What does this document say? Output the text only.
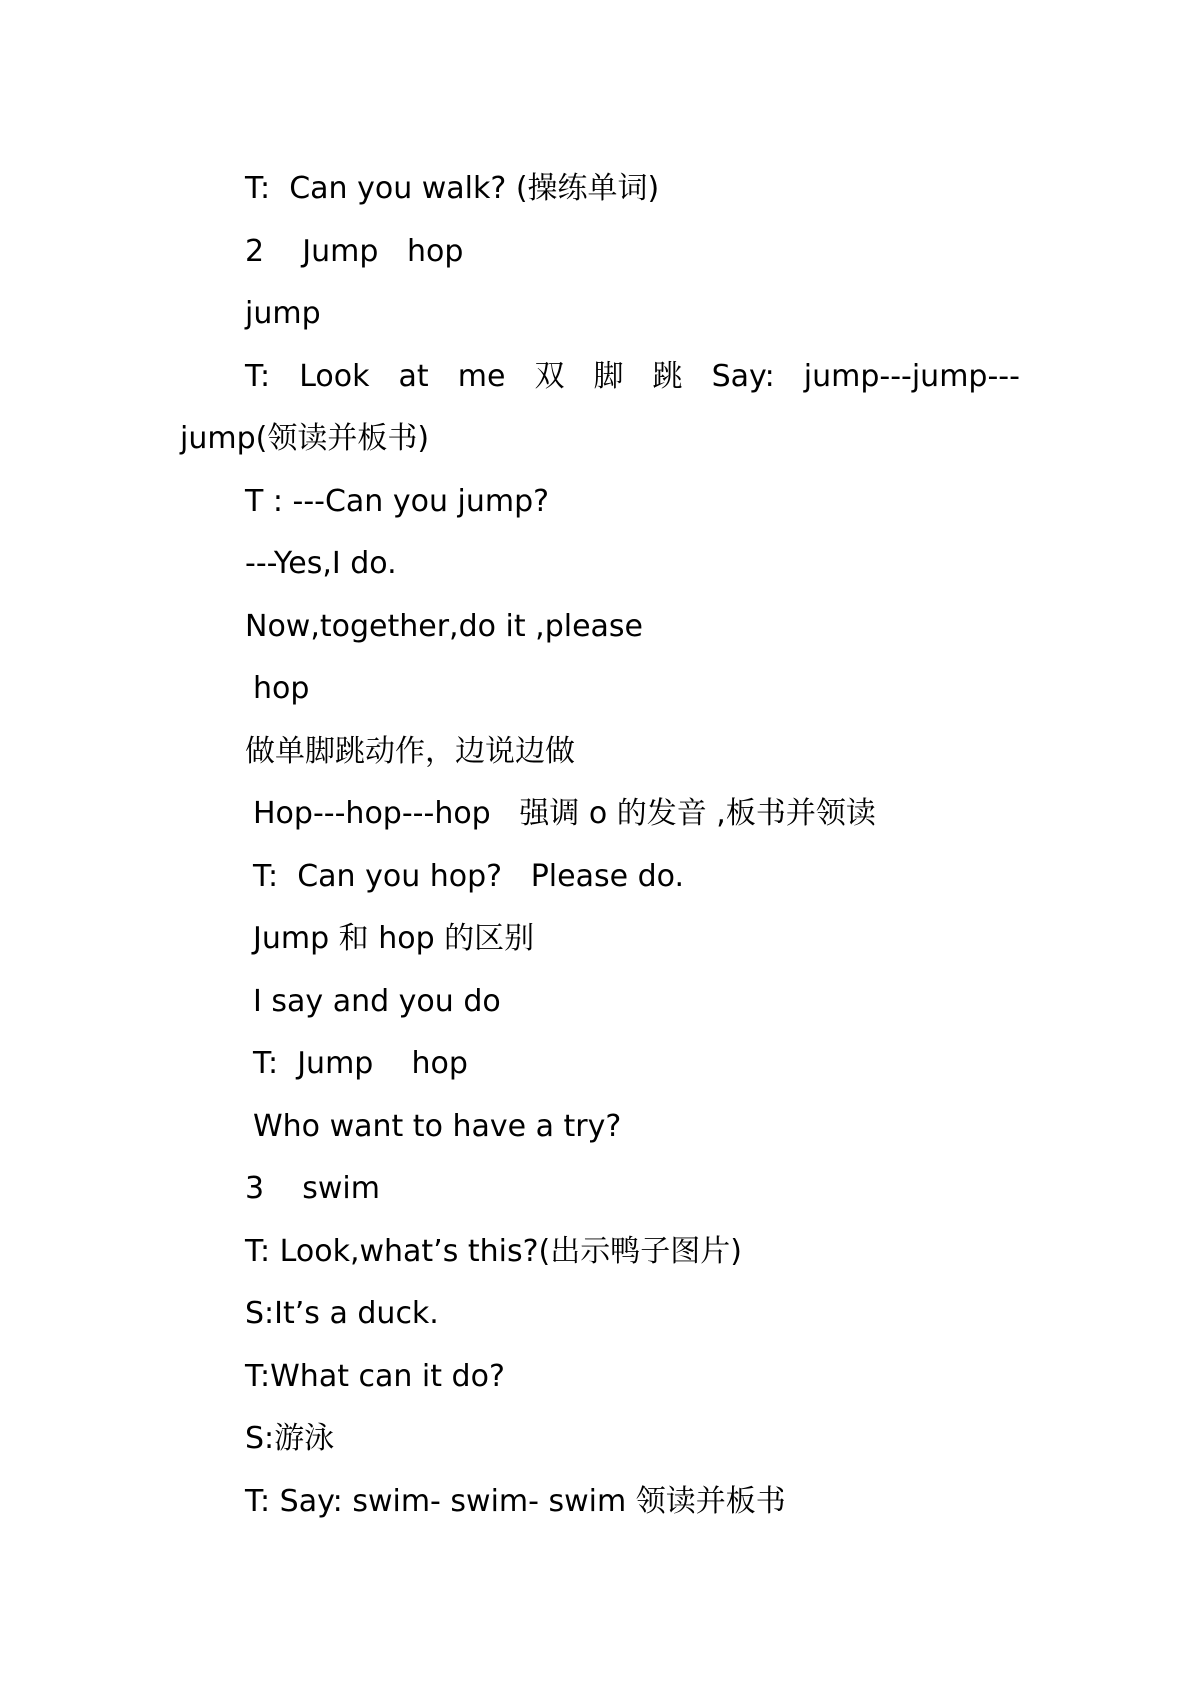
T:  Can you walk? (操练单词)
2    Jump   hop
jump
T: Look at me 双 脚 跳 Say: jump---jump---
jump(领读并板书)
T : ---Can you jump?
---Yes,I do.
Now,together,do it ,please
hop
做单脚跳动作，边说边做
Hop---hop---hop   强调 o 的发音 ,板书并领读
T:  Can you hop?   Please do.
Jump 和 hop 的区别
I say and you do
T:  Jump    hop
Who want to have a try?
3    swim
T: Look,what’s this?(出示鸭子图片)
S:It’s a duck.
T:What can it do?
S:游泳
T: Say: swim- swim- swim 领读并板书
